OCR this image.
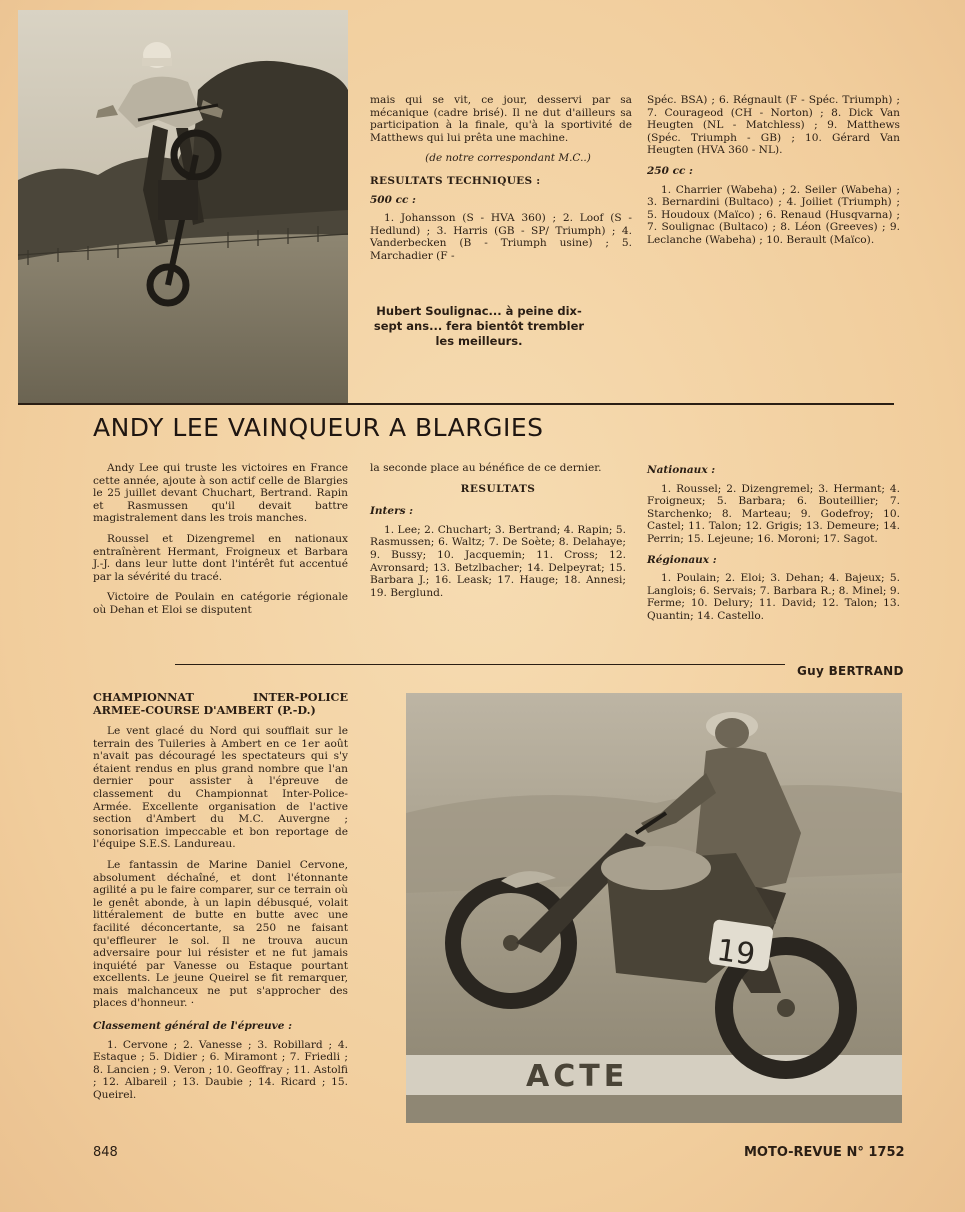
mais qui se vit, ce jour, desservi par sa mécanique (cadre brisé). Il ne dut d'ailleurs sa participation à la finale, qu'à la sportivité de Matthews qui lui prêta une machine.

(de notre correspondant M.C..)

RESULTATS TECHNIQUES :
500 cc :

1. Johansson (S - HVA 360) ; 2. Loof (S - Hedlund) ; 3. Harris (GB - SP/ Triumph) ; 4. Vanderbecken (B - Triumph usine) ; 5. Marchadier (F -

Hubert Soulignac... à peine dix-sept ans... fera bientôt trembler les meilleurs.

Spéc. BSA) ; 6. Régnault (F - Spéc. Triumph) ; 7. Courageod (CH - Norton) ; 8. Dick Van Heugten (NL - Matchless) ; 9. Matthews (Spéc. Triumph - GB) ; 10. Gérard Van Heugten (HVA 360 - NL).

250 cc :

1. Charrier (Wabeha) ; 2. Seiler (Wabeha) ; 3. Bernardini (Bultaco) ; 4. Joiliet (Triumph) ; 5. Houdoux (Maïco) ; 6. Renaud (Husqvarna) ; 7. Soulignac (Bultaco) ; 8. Léon (Greeves) ; 9. Leclanche (Wabeha) ; 10. Berault (Maïco).

ANDY LEE VAINQUEUR A BLARGIES

Andy Lee qui truste les victoires en France cette année, ajoute à son actif celle de Blargies le 25 juillet devant Chuchart, Bertrand. Rapin et Rasmussen qu'il devait battre magistralement dans les trois manches.

Roussel et Dizengremel en nationaux entraînèrent Hermant, Froigneux et Barbara J.-J. dans leur lutte dont l'intérêt fut accentué par la sévérité du tracé.

Victoire de Poulain en catégorie régionale où Dehan et Eloi se disputent

la seconde place au bénéfice de ce dernier.

RESULTATS
Inters :

1. Lee; 2. Chuchart; 3. Bertrand; 4. Rapin; 5. Rasmussen; 6. Waltz; 7. De Soète; 8. Delahaye; 9. Bussy; 10. Jacquemin; 11. Cross; 12. Avronsard; 13. Betzlbacher; 14. Delpeyrat; 15. Barbara J.; 16. Leask; 17. Hauge; 18. Annesi; 19. Berglund.

Nationaux :

1. Roussel; 2. Dizengremel; 3. Hermant; 4. Froigneux; 5. Barbara; 6. Bouteillier; 7. Starchenko; 8. Marteau; 9. Godefroy; 10. Castel; 11. Talon; 12. Grigis; 13. Demeure; 14. Perrin; 15. Lejeune; 16. Moroni; 17. Sagot.

Régionaux :

1. Poulain; 2. Eloi; 3. Dehan; 4. Bajeux; 5. Langlois; 6. Servais; 7. Barbara R.; 8. Minel; 9. Ferme; 10. Delury; 11. David; 12. Talon; 13. Quantin; 14. Castello.

Guy BERTRAND
CHAMPIONNAT INTER-POLICE ARMEE-COURSE D'AMBERT (P.-D.)

Le vent glacé du Nord qui soufflait sur le terrain des Tuileries à Ambert en ce 1er août n'avait pas découragé les spectateurs qui s'y étaient rendus en plus grand nombre que l'an dernier pour assister à l'épreuve de classement du Championnat Inter-Police-Armée. Excellente organisation de l'active section d'Ambert du M.C. Auvergne ; sonorisation impeccable et bon reportage de l'équipe S.E.S. Landureau.

Le fantassin de Marine Daniel Cervone, absolument déchaîné, et dont l'étonnante agilité a pu le faire comparer, sur ce terrain où le genêt abonde, à un lapin débusqué, volait littéralement de butte en butte avec une facilité déconcertante, sa 250 ne faisant qu'effleurer le sol. Il ne trouva aucun adversaire pour lui résister et ne fut jamais inquiété par Vanesse ou Estaque pourtant excellents. Le jeune Queirel se fit remarquer, mais malchanceux ne put s'approcher des places d'honneur. ·

Classement général de l'épreuve :

1. Cervone ; 2. Vanesse ; 3. Robillard ; 4. Estaque ; 5. Didier ; 6. Miramont ; 7. Friedli ; 8. Lancien ; 9. Veron ; 10. Geoffray ; 11. Astolfi ; 12. Albareil ; 13. Daubie ; 14. Ricard ; 15. Queirel.

ACTE
19
848	MOTO-REVUE N° 1752
